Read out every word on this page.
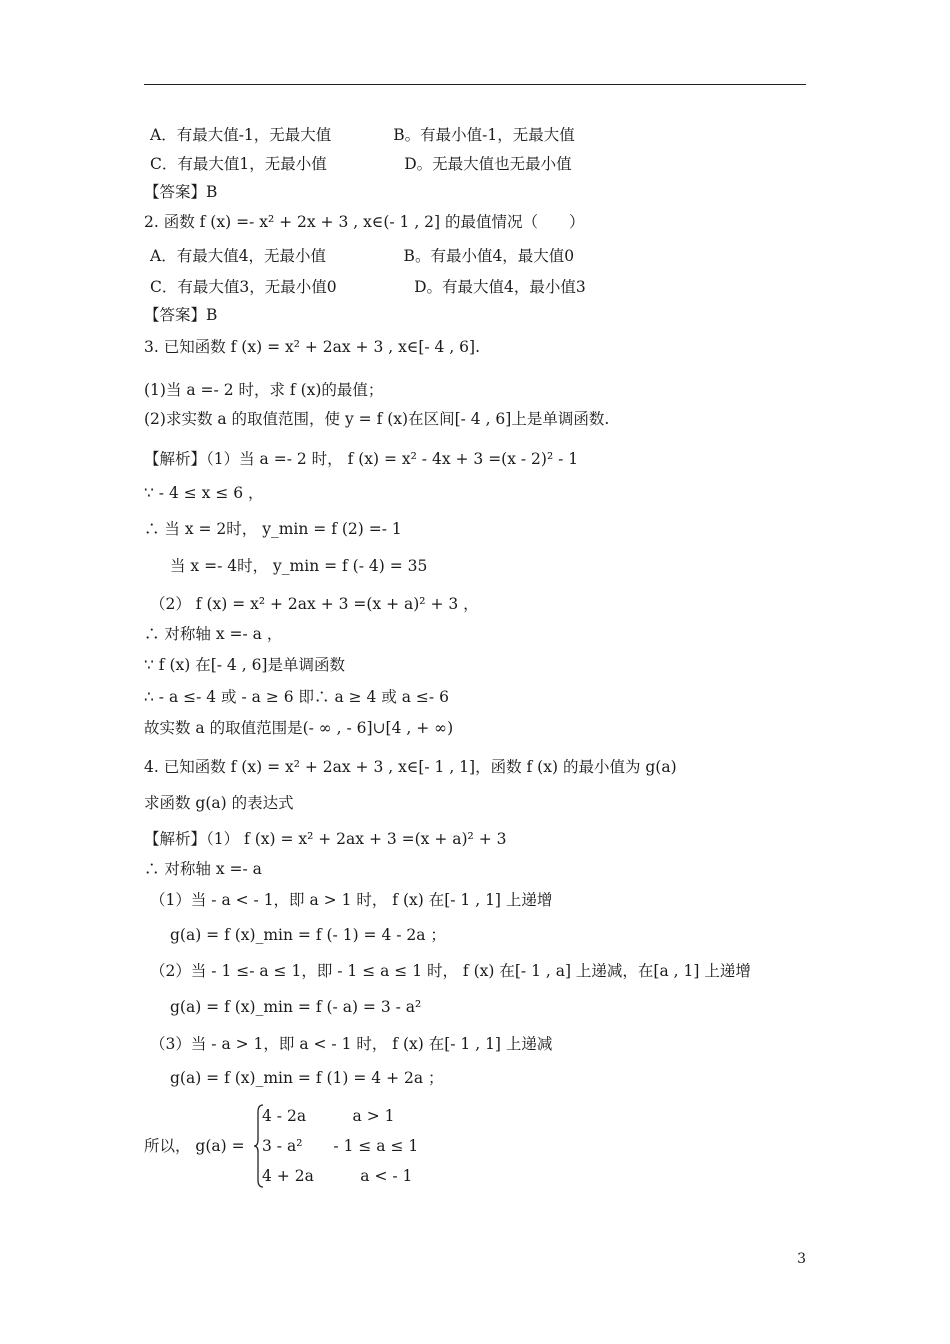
A．有最大值-1，无最大值　　　　B。有最小值-1，无最大值
C．有最大值1，无最小值　　　　　D。无最大值也无最小值
【答案】B
2. 函数 f (x) =- x² + 2x + 3 , x∈(- 1 , 2] 的最值情况（　　）
A．有最大值4，无最小值　　　　　B。有最小值4，最大值0
C．有最大值3，无最小值0　　　　　D。有最大值4，最小值3
【答案】B
3. 已知函数 f (x) = x² + 2ax + 3 , x∈[- 4 , 6].
(1)当 a =- 2 时，求 f (x)的最值；
(2)求实数 a 的取值范围，使 y = f (x)在区间[- 4 , 6]上是单调函数.
【解析】（1）当 a =- 2 时， f (x) = x² - 4x + 3 =(x - 2)² - 1
∵ - 4 ≤ x ≤ 6 ，
∴ 当 x = 2时， y_min = f (2) =- 1
当 x =- 4时， y_min = f (- 4) = 35
（2） f (x) = x² + 2ax + 3 =(x + a)² + 3 ，
∴ 对称轴 x =- a ，
∵ f (x) 在[- 4 , 6]是单调函数
∴ - a ≤- 4 或 - a ≥ 6 即∴ a ≥ 4 或 a ≤- 6
故实数 a 的取值范围是(- ∞ , - 6]∪[4 , + ∞)
4. 已知函数 f (x) = x² + 2ax + 3 , x∈[- 1 , 1]，函数 f (x) 的最小值为 g(a)
求函数 g(a) 的表达式
【解析】（1） f (x) = x² + 2ax + 3 =(x + a)² + 3
∴ 对称轴 x =- a
（1）当 - a < - 1，即 a > 1 时， f (x) 在[- 1 , 1] 上递增
g(a) = f (x)_min = f (- 1) = 4 - 2a ；
（2）当 - 1 ≤- a ≤ 1，即 - 1 ≤ a ≤ 1 时， f (x) 在[- 1 , a] 上递减，在[a , 1] 上递增
g(a) = f (x)_min = f (- a) = 3 - a²
（3）当 - a > 1，即 a < - 1 时， f (x) 在[- 1 , 1] 上递减
g(a) = f (x)_min = f (1) = 4 + 2a ；
所以， g(a) =
4 - 2a　　　a > 1
3 - a²　　- 1 ≤ a ≤ 1
4 + 2a　　　a < - 1
3
